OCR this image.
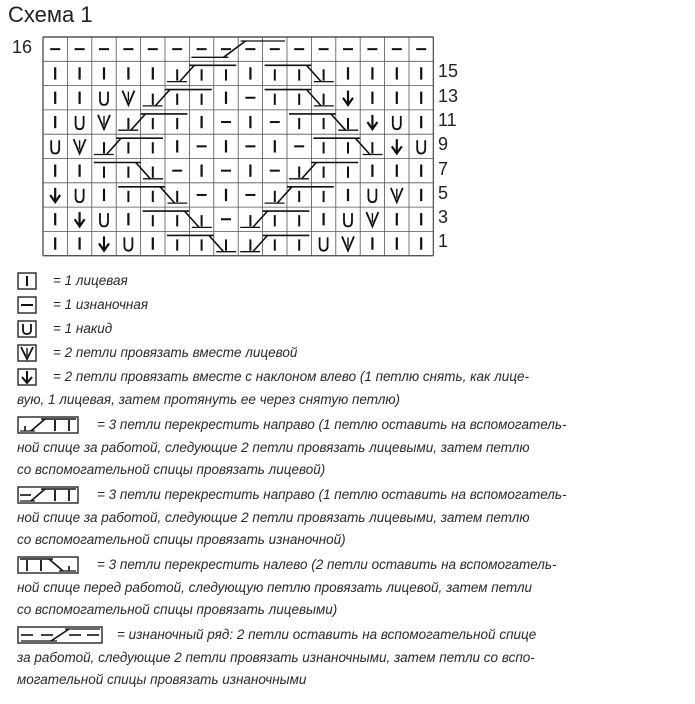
Схема 1
16
15
13
11
9
7
5
3
1
= 1 лицевая
= 1 изнаночная
= 1 накид
= 2 петли провязать вместе лицевой
= 2 петли провязать вместе с наклоном влево (1 петлю снять, как лице-
вую, 1 лицевая, затем протянуть ее через снятую петлю)
= 3 петли перекрестить направо (1 петлю оставить на вспомогатель-
ной спице за работой, следующие 2 петли провязать лицевыми, затем петлю
со вспомогательной спицы провязать лицевой)
= 3 петли перекрестить направо (1 петлю оставить на вспомогатель-
ной спице за работой, следующие 2 петли провязать лицевыми, затем петлю
со вспомогательной спицы провязать изнаночной)
= 3 петли перекрестить налево (2 петли оставить на вспомогатель-
ной спице перед работой, следующую петлю провязать лицевой, затем петли
со вспомогательной спицы провязать лицевыми)
= изнаночный ряд: 2 петли оставить на вспомогательной спице
за работой, следующие 2 петли провязать изнаночными, затем петли со вспо-
могательной спицы провязать изнаночными
